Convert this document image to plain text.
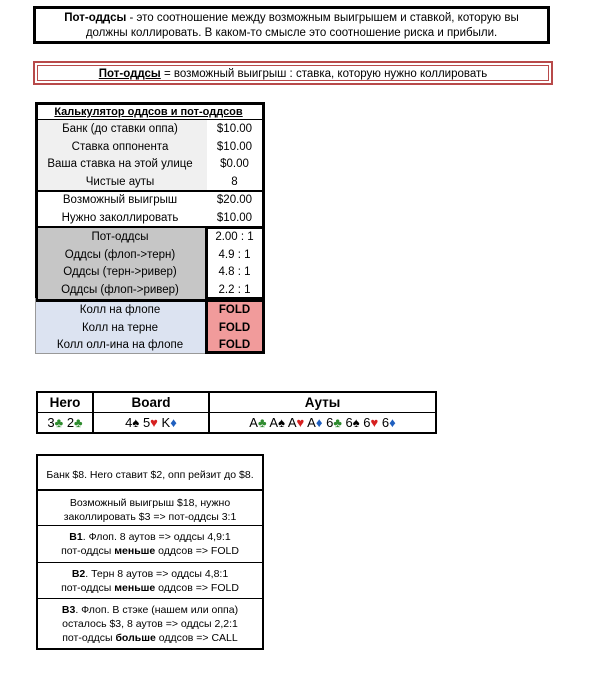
Пот-оддсы - это соотношение между возможным выигрышем и ставкой, которую вы должны коллировать. В каком-то смысле это соотношение риска и прибыли.
Пот-оддсы = возможный выигрыш : ставка, которую нужно коллировать
Калькулятор оддсов и пот-оддсов
Банк (до ставки оппа)	$10.00
Ставка оппонента	$10.00
Ваша ставка на этой улице	$0.00
Чистые ауты	8
Возможный выигрыш	$20.00
Нужно заколлировать	$10.00
Пот-оддсы	2.00 : 1
Оддсы (флоп->терн)	4.9 : 1
Оддсы (терн->ривер)	4.8 : 1
Оддсы (флоп->ривер)	2.2 : 1
Колл на флопе	FOLD
Колл на терне	FOLD
Колл олл-ина на флопе	FOLD
Hero	Board	Ауты
3♣ 2♣	4♠ 5♥ K♦	A♣ A♠ A♥ A♦ 6♣ 6♠ 6♥ 6♦
Банк $8. Hero ставит $2, опп рейзит до $8.
Возможный выигрыш $18, нужно
заколлировать $3 => пот-оддсы 3:1
B1. Флоп. 8 аутов => оддсы 4,9:1
пот-оддсы меньше оддсов => FOLD
B2. Терн 8 аутов => оддсы 4,8:1
пот-оддсы меньше оддсов => FOLD
B3. Флоп. В стэке (нашем или оппа)
осталось $3, 8 аутов => оддсы 2,2:1
пот-оддсы больше оддсов => CALL
